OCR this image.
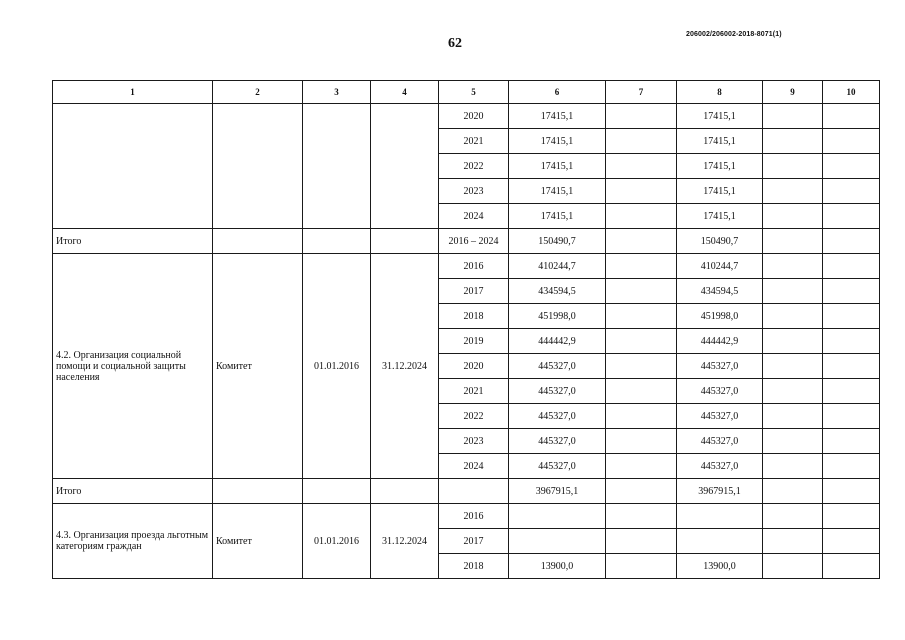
62
206002/206002-2018-8071(1)
1	2	3	4	5	6	7	8	9	10
				2020	17415,1		17415,1		
				2021	17415,1		17415,1		
				2022	17415,1		17415,1		
				2023	17415,1		17415,1		
				2024	17415,1		17415,1		
Итого				2016 – 2024	150490,7		150490,7		
4.2. Организация социальной помощи и социальной защиты населения	Комитет	01.01.2016	31.12.2024	2016	410244,7		410244,7		
				2017	434594,5		434594,5		
				2018	451998,0		451998,0		
				2019	444442,9		444442,9		
				2020	445327,0		445327,0		
				2021	445327,0		445327,0		
				2022	445327,0		445327,0		
				2023	445327,0		445327,0		
				2024	445327,0		445327,0		
Итого					3967915,1		3967915,1		
4.3. Организация проезда льготным категориям граждан	Комитет	01.01.2016	31.12.2024	2016					
				2017					
				2018	13900,0		13900,0		
